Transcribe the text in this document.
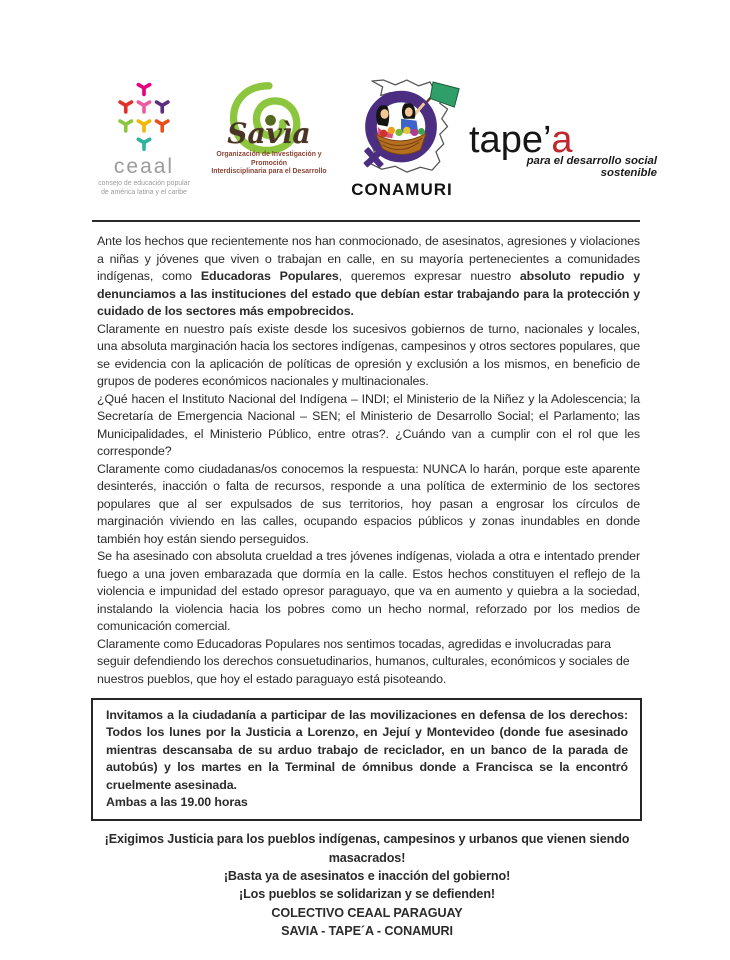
ceaal
consejo de educación popular
de américa latina y el caribe
Savìa
Organización de Investigación y Promoción
Interdisciplinaria para el Desarrollo
CONAMURI
tape’a
para el desarrollo social sostenible

Ante los hechos que recientemente nos han conmocionado, de asesinatos, agresiones y violaciones a niñas y jóvenes que viven o trabajan en calle, en su mayoría pertenecientes a comunidades indígenas, como Educadoras Populares, queremos expresar nuestro absoluto repudio y denunciamos a las instituciones del estado que debían estar trabajando para la protección y cuidado de los sectores más empobrecidos.

Claramente en nuestro país existe desde los sucesivos gobiernos de turno, nacionales y locales, una absoluta marginación hacia los sectores indígenas, campesinos y otros sectores populares, que se evidencia con la aplicación de políticas de opresión y exclusión a los mismos, en beneficio de grupos de poderes económicos nacionales y multinacionales.

¿Qué hacen el Instituto Nacional del Indígena – INDI; el Ministerio de la Niñez y la Adolescencia; la Secretaría de Emergencia Nacional – SEN; el Ministerio de Desarrollo Social; el Parlamento; las Municipalidades, el Ministerio Público, entre otras?. ¿Cuándo van a cumplir con el rol que les corresponde?

Claramente como ciudadanas/os conocemos la respuesta: NUNCA lo harán, porque este aparente desinterés, inacción o falta de recursos, responde a una política de exterminio de los sectores populares que al ser expulsados de sus territorios, hoy pasan a engrosar los círculos de marginación viviendo en las calles, ocupando espacios públicos y zonas inundables en donde también hoy están siendo perseguidos.

Se ha asesinado con absoluta crueldad a tres jóvenes indígenas, violada a otra e intentado prender fuego a una joven embarazada que dormía en la calle. Estos hechos constituyen el reflejo de la violencia e impunidad del estado opresor paraguayo, que va en aumento y quiebra a la sociedad, instalando la violencia hacia los pobres como un hecho normal, reforzado por los medios de comunicación comercial.

Claramente como Educadoras Populares nos sentimos tocadas, agredidas e involucradas para seguir defendiendo los derechos consuetudinarios, humanos, culturales, económicos y sociales de nuestros pueblos, que hoy el estado paraguayo está pisoteando.

Invitamos a la ciudadanía a participar de las movilizaciones en defensa de los derechos: Todos los lunes por la Justicia a Lorenzo, en Jejuí y Montevideo (donde fue asesinado mientras descansaba de su arduo trabajo de reciclador, en un banco de la parada de autobús) y los martes en la Terminal de ómnibus donde a Francisca se la encontró cruelmente asesinada.

Ambas a las 19.00 horas

¡Exigimos Justicia para los pueblos indígenas, campesinos y urbanos que vienen siendo masacrados!
¡Basta ya de asesinatos e inacción del gobierno!
¡Los pueblos se solidarizan y se defienden!
COLECTIVO CEAAL PARAGUAY
SAVIA - TAPE´A - CONAMURI
